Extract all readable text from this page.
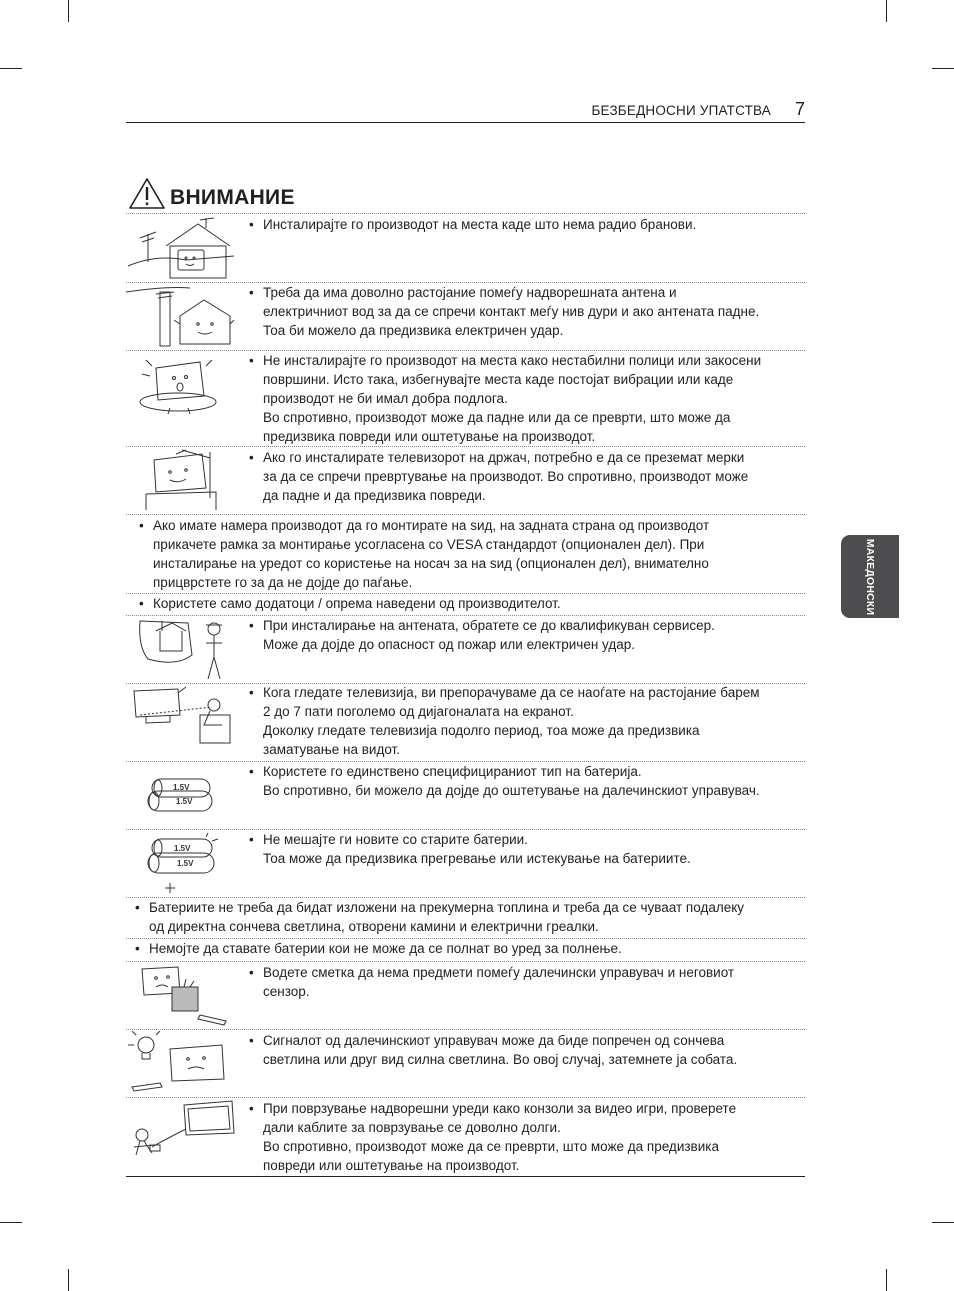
БЕЗБЕДНОСНИ УПАТСТВА 7
МАКЕДОНСКИ
ВНИМАНИЕ
1.5V
1.5V
1.5V
1.5V
• Инсталирајте го производот на места каде што нема радио бранови.
• Треба да има доволно растојание помеѓу надворешната антена и
електричниот вод за да се спречи контакт меѓу нив дури и ако антената падне.
Тоа би можело да предизвика електричен удар.
• Не инсталирајте го производот на места како нестабилни полици или закосени
површини. Исто така, избегнувајте места каде постојат вибрации или каде
производот не би имал добра подлога.
Во спротивно, производот може да падне или да се преврти, што може да
предизвика повреди или оштетување на производот.
• Ако го инсталирате телевизорот на држач, потребно е да се преземат мерки
за да се спречи превртување на производот. Во спротивно, производот може
да падне и да предизвика повреди.
• Ако имате намера производот да го монтирате на ѕид, на задната страна од производот
прикачете рамка за монтирање усогласена со VESA стандардот (опционален дел). При
инсталирање на уредот со користење на носач за на ѕид (опционален дел), внимателно
прицврстете го за да не дојде до паѓање.
• Користете само додатоци / опрема наведени од производителот.
• При инсталирање на антената, обратете се до квалификуван сервисер.
Може да дојде до опасност од пожар или електричен удар.
• Кога гледате телевизија, ви препорачуваме да се наоѓате на растојание барем
2 до 7 пати поголемо од дијагоналата на екранот.
Доколку гледате телевизија подолго период, тоа може да предизвика
заматување на видот.
• Користете го единствено специфицираниот тип на батерија.
Во спротивно, би можело да дојде до оштетување на далечинскиот управувач.
• Не мешајте ги новите со старите батерии.
Тоа може да предизвика прегревање или истекување на батериите.
• Батериите не треба да бидат изложени на прекумерна топлина и треба да се чуваат подалеку
од директна сончева светлина, отворени камини и електрични греалки.
• Немојте да ставате батерии кои не може да се полнат во уред за полнење.
• Водете сметка да нема предмети помеѓу далечински управувач и неговиот
сензор.
• Сигналот од далечинскиот управувач може да биде попречен од сончева
светлина или друг вид силна светлина. Во овој случај, затемнете ја собата.
• При поврзување надворешни уреди како конзоли за видео игри, проверете
дали каблите за поврзување се доволно долги.
Во спротивно, производот може да се преврти, што може да предизвика
повреди или оштетување на производот.
